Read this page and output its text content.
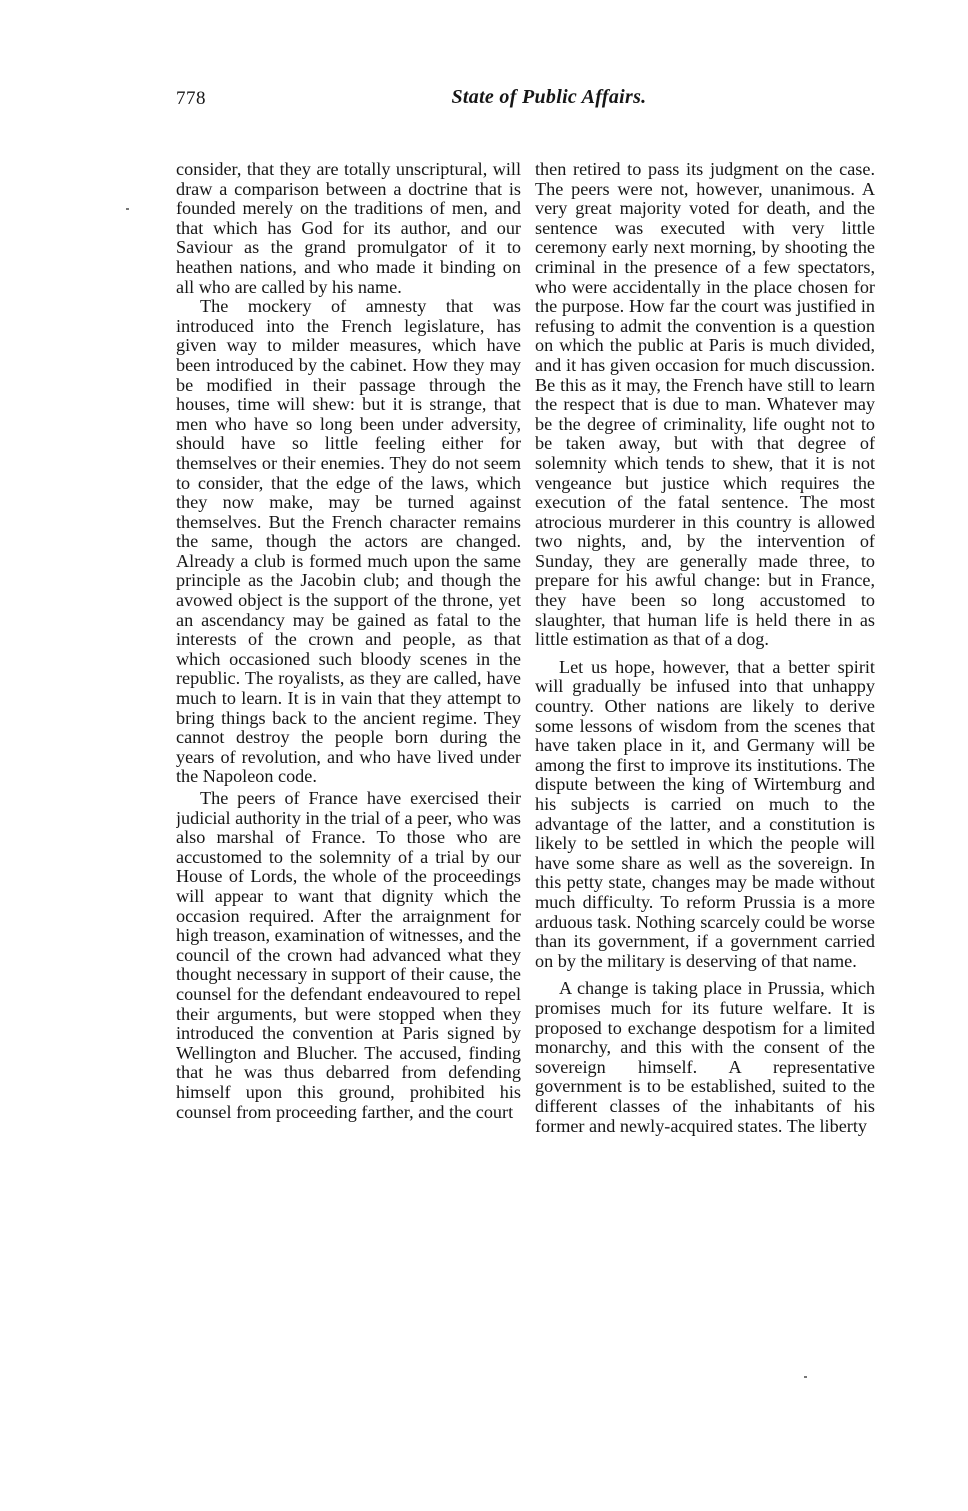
778	State of Public Affairs.

consider, that they are totally unscriptural, will draw a comparison between a doctrine that is founded merely on the traditions of men, and that which has God for its author, and our Saviour as the grand promulgator of it to heathen nations, and who made it binding on all who are called by his name.

The mockery of amnesty that was introduced into the French legislature, has given way to milder measures, which have been introduced by the cabinet. How they may be modified in their passage through the houses, time will shew: but it is strange, that men who have so long been under adversity, should have so little feeling either for themselves or their enemies. They do not seem to consider, that the edge of the laws, which they now make, may be turned against themselves. But the French character remains the same, though the actors are changed. Already a club is formed much upon the same principle as the Jacobin club; and though the avowed object is the support of the throne, yet an ascendancy may be gained as fatal to the interests of the crown and people, as that which occasioned such bloody scenes in the republic. The royalists, as they are called, have much to learn. It is in vain that they attempt to bring things back to the ancient regime. They cannot destroy the people born during the years of revolution, and who have lived under the Napoleon code.

The peers of France have exercised their judicial authority in the trial of a peer, who was also marshal of France. To those who are accustomed to the solemnity of a trial by our House of Lords, the whole of the proceedings will appear to want that dignity which the occasion required. After the arraignment for high treason, examination of witnesses, and the council of the crown had advanced what they thought necessary in support of their cause, the counsel for the defendant endeavoured to repel their arguments, but were stopped when they introduced the convention at Paris signed by Wellington and Blucher. The accused, finding that he was thus debarred from defending himself upon this ground, prohibited his counsel from proceeding farther, and the court

then retired to pass its judgment on the case. The peers were not, however, unanimous. A very great majority voted for death, and the sentence was executed with very little ceremony early next morning, by shooting the criminal in the presence of a few spectators, who were accidentally in the place chosen for the purpose. How far the court was justified in refusing to admit the convention is a question on which the public at Paris is much divided, and it has given occasion for much discussion. Be this as it may, the French have still to learn the respect that is due to man. Whatever may be the degree of criminality, life ought not to be taken away, but with that degree of solemnity which tends to shew, that it is not vengeance but justice which requires the execution of the fatal sentence. The most atrocious murderer in this country is allowed two nights, and, by the intervention of Sunday, they are generally made three, to prepare for his awful change: but in France, they have been so long accustomed to slaughter, that human life is held there in as little estimation as that of a dog.

Let us hope, however, that a better spirit will gradually be infused into that unhappy country. Other nations are likely to derive some lessons of wisdom from the scenes that have taken place in it, and Germany will be among the first to improve its institutions. The dispute between the king of Wirtemburg and his subjects is carried on much to the advantage of the latter, and a constitution is likely to be settled in which the people will have some share as well as the sovereign. In this petty state, changes may be made without much difficulty. To reform Prussia is a more arduous task. Nothing scarcely could be worse than its government, if a government carried on by the military is deserving of that name.

A change is taking place in Prussia, which promises much for its future welfare. It is proposed to exchange despotism for a limited monarchy, and this with the consent of the sovereign himself. A representative government is to be established, suited to the different classes of the inhabitants of his former and newly-acquired states. The liberty
